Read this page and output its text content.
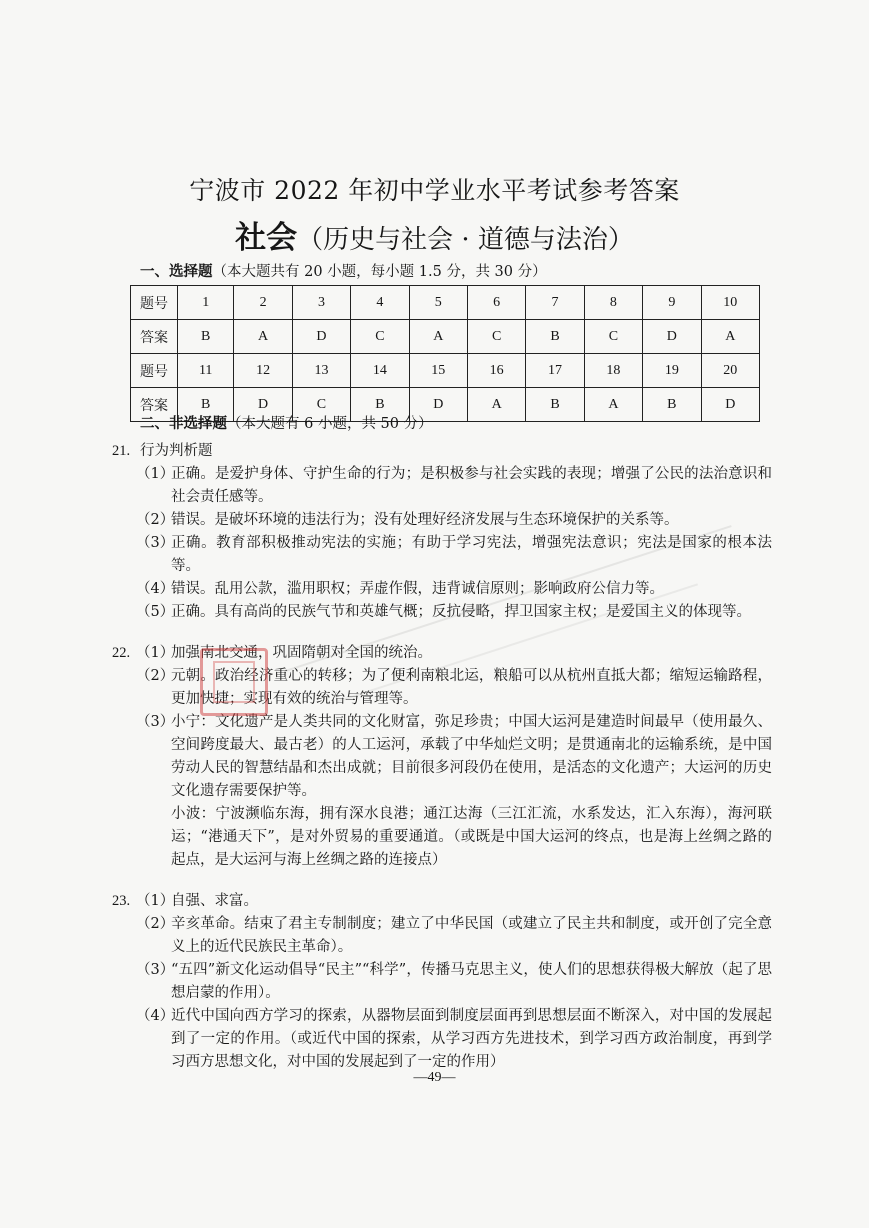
宁波市 2022 年初中学业水平考试参考答案
社会（历史与社会 · 道德与法治）
一、选择题（本大题共有 20 小题，每小题 1.5 分，共 30 分）
题号	1	2	3	4	5	6	7	8	9	10
答案	B	A	D	C	A	C	B	C	D	A
题号	11	12	13	14	15	16	17	18	19	20
答案	B	D	C	B	D	A	B	A	B	D
二、非选择题（本大题有 6 小题，共 50 分）
21. 行为判析题

（1）

正确。是爱护身体、守护生命的行为；是积极参与社会实践的表现；增强了公民的法治意识和社会责任感等。

（2）

错误。是破坏环境的违法行为；没有处理好经济发展与生态环境保护的关系等。

（3）

正确。教育部积极推动宪法的实施；有助于学习宪法，增强宪法意识；宪法是国家的根本法等。

（4）

错误。乱用公款，滥用职权；弄虚作假，违背诚信原则；影响政府公信力等。

（5）

正确。具有高尚的民族气节和英雄气概；反抗侵略，捍卫国家主权；是爱国主义的体现等。

22. （1）

加强南北交通，巩固隋朝对全国的统治。

（2）

元朝。政治经济重心的转移；为了便利南粮北运，粮船可以从杭州直抵大都；缩短运输路程，更加快捷；实现有效的统治与管理等。

（3）

小宁：文化遗产是人类共同的文化财富，弥足珍贵；中国大运河是建造时间最早（使用最久、空间跨度最大、最古老）的人工运河，承载了中华灿烂文明；是贯通南北的运输系统，是中国劳动人民的智慧结晶和杰出成就；目前很多河段仍在使用，是活态的文化遗产；大运河的历史文化遗存需要保护等。

小波：宁波濒临东海，拥有深水良港；通江达海（三江汇流，水系发达，汇入东海），海河联运；“港通天下”，是对外贸易的重要通道。（或既是中国大运河的终点，也是海上丝绸之路的起点，是大运河与海上丝绸之路的连接点）

23. （1）

自强、求富。

（2）

辛亥革命。结束了君主专制制度；建立了中华民国（或建立了民主共和制度，或开创了完全意义上的近代民族民主革命）。

（3）

“五四”新文化运动倡导“民主”“科学”，传播马克思主义，使人们的思想获得极大解放（起了思想启蒙的作用）。

（4）

近代中国向西方学习的探索，从器物层面到制度层面再到思想层面不断深入，对中国的发展起到了一定的作用。（或近代中国的探索，从学习西方先进技术，到学习西方政治制度，再到学习西方思想文化，对中国的发展起到了一定的作用）

—49—
